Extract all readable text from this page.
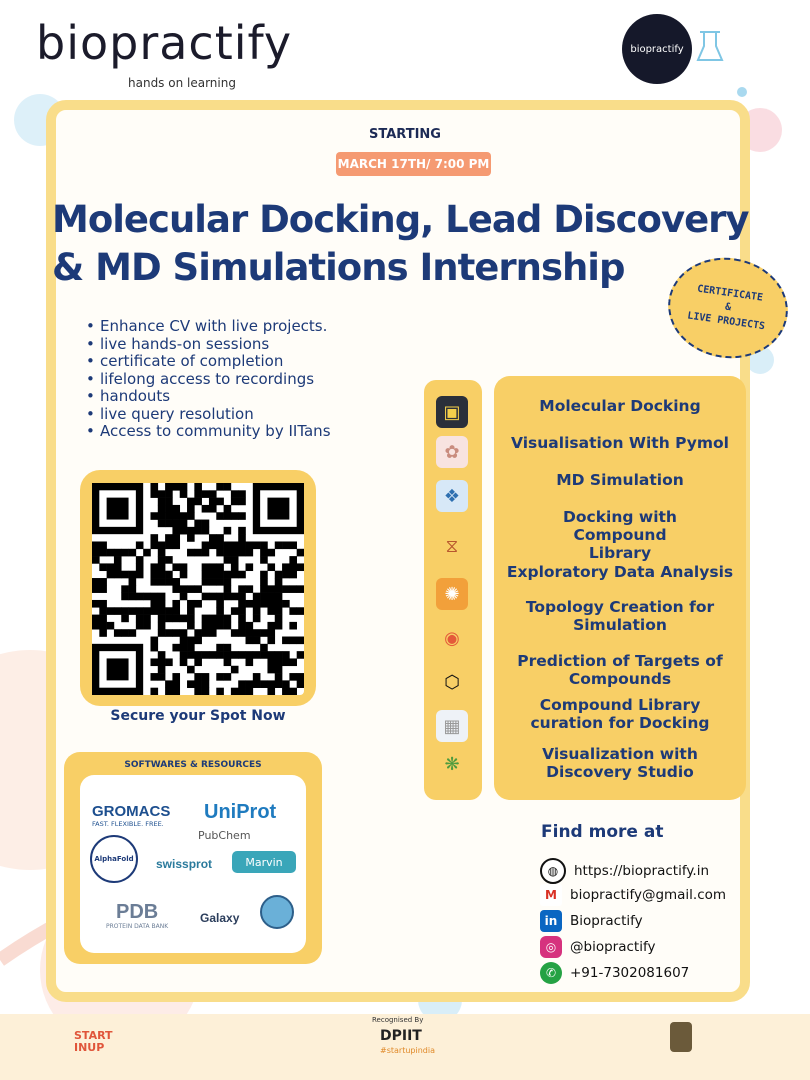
biopractify
hands on learning
biopractify
STARTING
MARCH 17TH/ 7:00 PM
Molecular Docking, Lead Discovery
& MD Simulations Internship
CERTIFICATE
&
LIVE PROJECTS
• Enhance CV with live projects.
• live hands-on sessions
• certificate of completion
• lifelong access to recordings
• handouts
• live query resolution
• Access to community by IITans
Secure your Spot Now
SOFTWARES & RESOURCES
GROMACS
FAST. FLEXIBLE. FREE.
UniProt
PubChem
AlphaFold swissprot	Marvin
PDB
PROTEIN DATA BANK
Galaxy
▣
✿
❖
⧖
✺
◉
⬡
▦
❋
Molecular Docking
Visualisation With Pymol
MD Simulation
Docking with Compound Library
Exploratory Data Analysis
Topology Creation for Simulation
Prediction of Targets of Compounds
Compound Library curation for Docking
Visualization with Discovery Studio
Find more at
◍	https://biopractify.in
M biopractify@gmail.com
in Biopractify
◎	@biopractify
✆	+91-7302081607
START INUP
Recognised By
DPIIT
#startupindia
